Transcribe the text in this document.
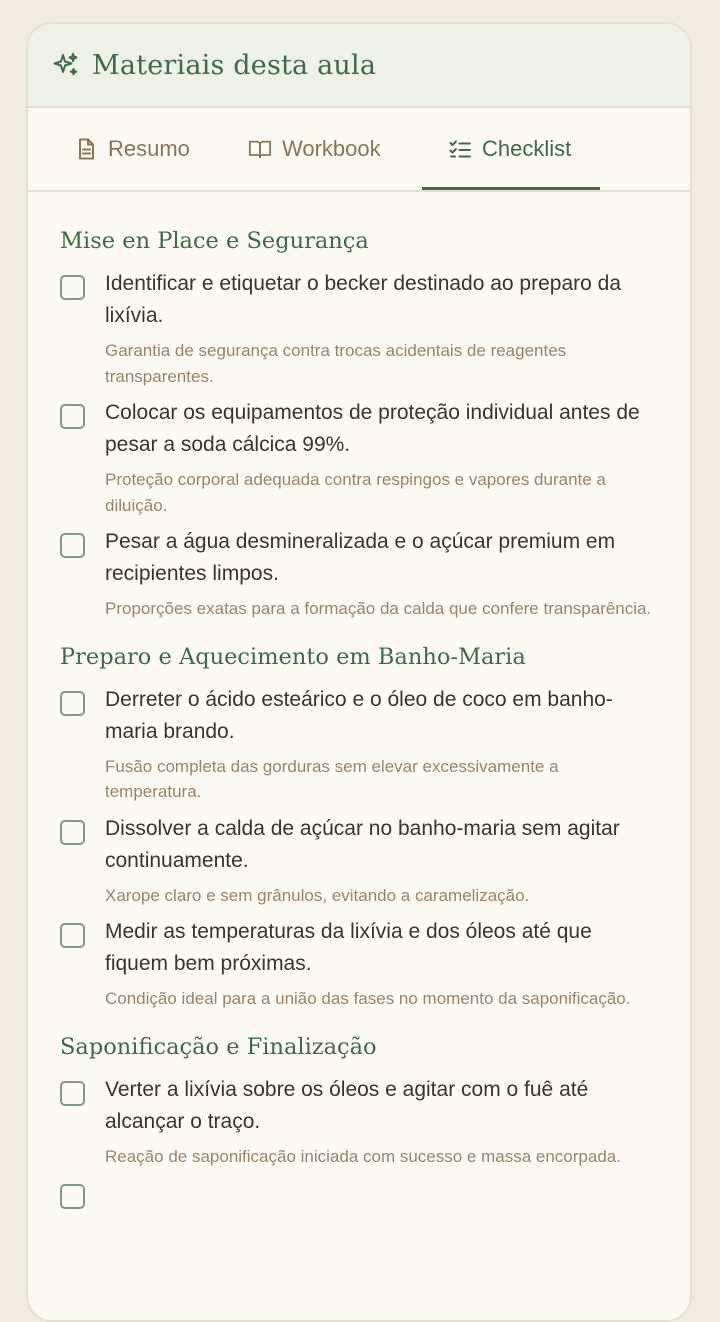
Materiais desta aula
Resumo	Workbook	Checklist
Mise en Place e Segurança
Identificar e etiquetar o becker destinado ao preparo da lixívia.
Garantia de segurança contra trocas acidentais de reagentes transparentes.
Colocar os equipamentos de proteção individual antes de pesar a soda cálcica 99%.
Proteção corporal adequada contra respingos e vapores durante a diluição.
Pesar a água desmineralizada e o açúcar premium em recipientes limpos.
Proporções exatas para a formação da calda que confere transparência.
Preparo e Aquecimento em Banho-Maria
Derreter o ácido esteárico e o óleo de coco em banho-maria brando.
Fusão completa das gorduras sem elevar excessivamente a temperatura.
Dissolver a calda de açúcar no banho-maria sem agitar continuamente.
Xarope claro e sem grânulos, evitando a caramelização.
Medir as temperaturas da lixívia e dos óleos até que fiquem bem próximas.
Condição ideal para a união das fases no momento da saponificação.
Saponificação e Finalização
Verter a lixívia sobre os óleos e agitar com o fuê até alcançar o traço.
Reação de saponificação iniciada com sucesso e massa encorpada.
